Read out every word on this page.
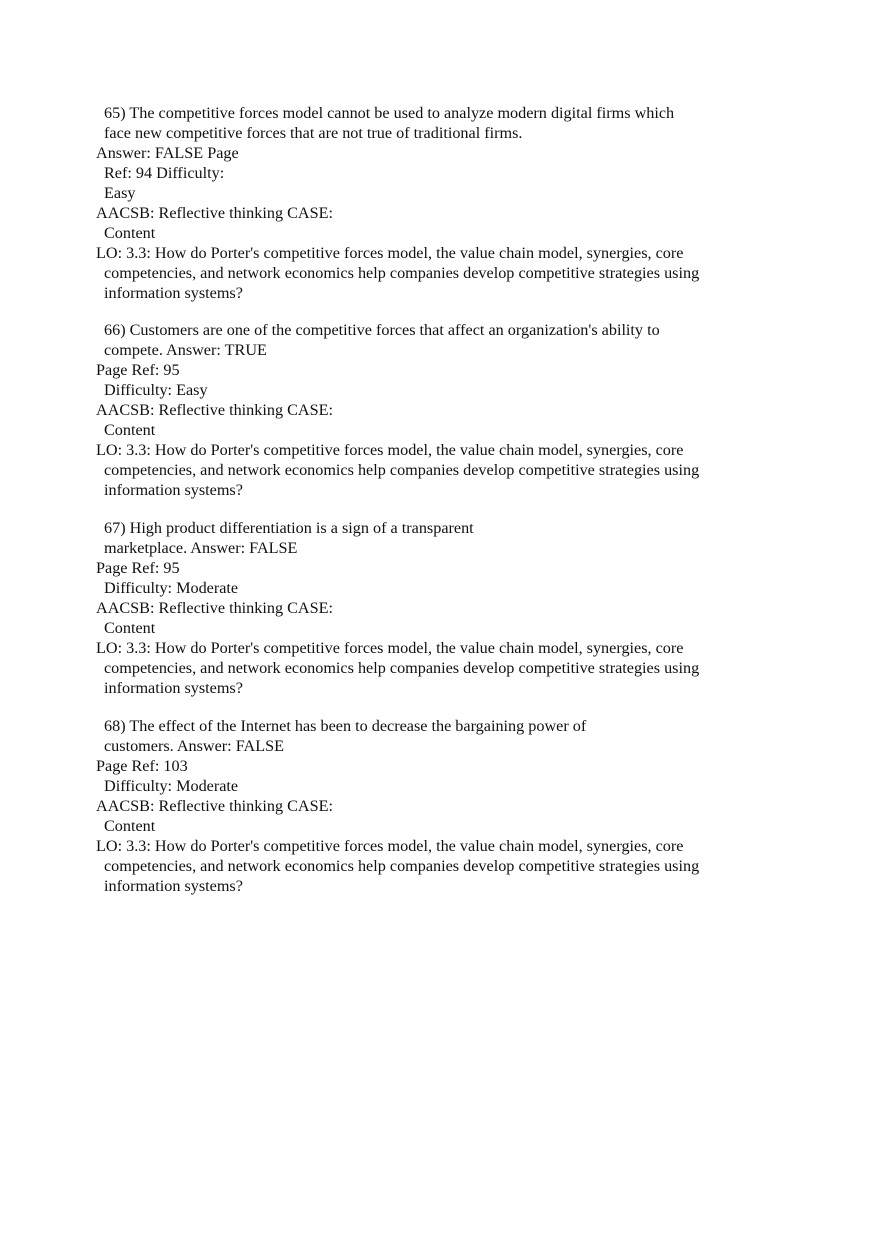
65) The competitive forces model cannot be used to analyze modern digital firms which
face new competitive forces that are not true of traditional firms.
Answer: FALSE Page
Ref: 94 Difficulty:
Easy
AACSB: Reflective thinking CASE:
Content
LO: 3.3: How do Porter's competitive forces model, the value chain model, synergies, core
competencies, and network economics help companies develop competitive strategies using
information systems?
66) Customers are one of the competitive forces that affect an organization's ability to
compete. Answer: TRUE
Page Ref: 95
Difficulty: Easy
AACSB: Reflective thinking CASE:
Content
LO: 3.3: How do Porter's competitive forces model, the value chain model, synergies, core
competencies, and network economics help companies develop competitive strategies using
information systems?
67) High product differentiation is a sign of a transparent
marketplace. Answer: FALSE
Page Ref: 95
Difficulty: Moderate
AACSB: Reflective thinking CASE:
Content
LO: 3.3: How do Porter's competitive forces model, the value chain model, synergies, core
competencies, and network economics help companies develop competitive strategies using
information systems?
68) The effect of the Internet has been to decrease the bargaining power of
customers. Answer: FALSE
Page Ref: 103
Difficulty: Moderate
AACSB: Reflective thinking CASE:
Content
LO: 3.3: How do Porter's competitive forces model, the value chain model, synergies, core
competencies, and network economics help companies develop competitive strategies using
information systems?
